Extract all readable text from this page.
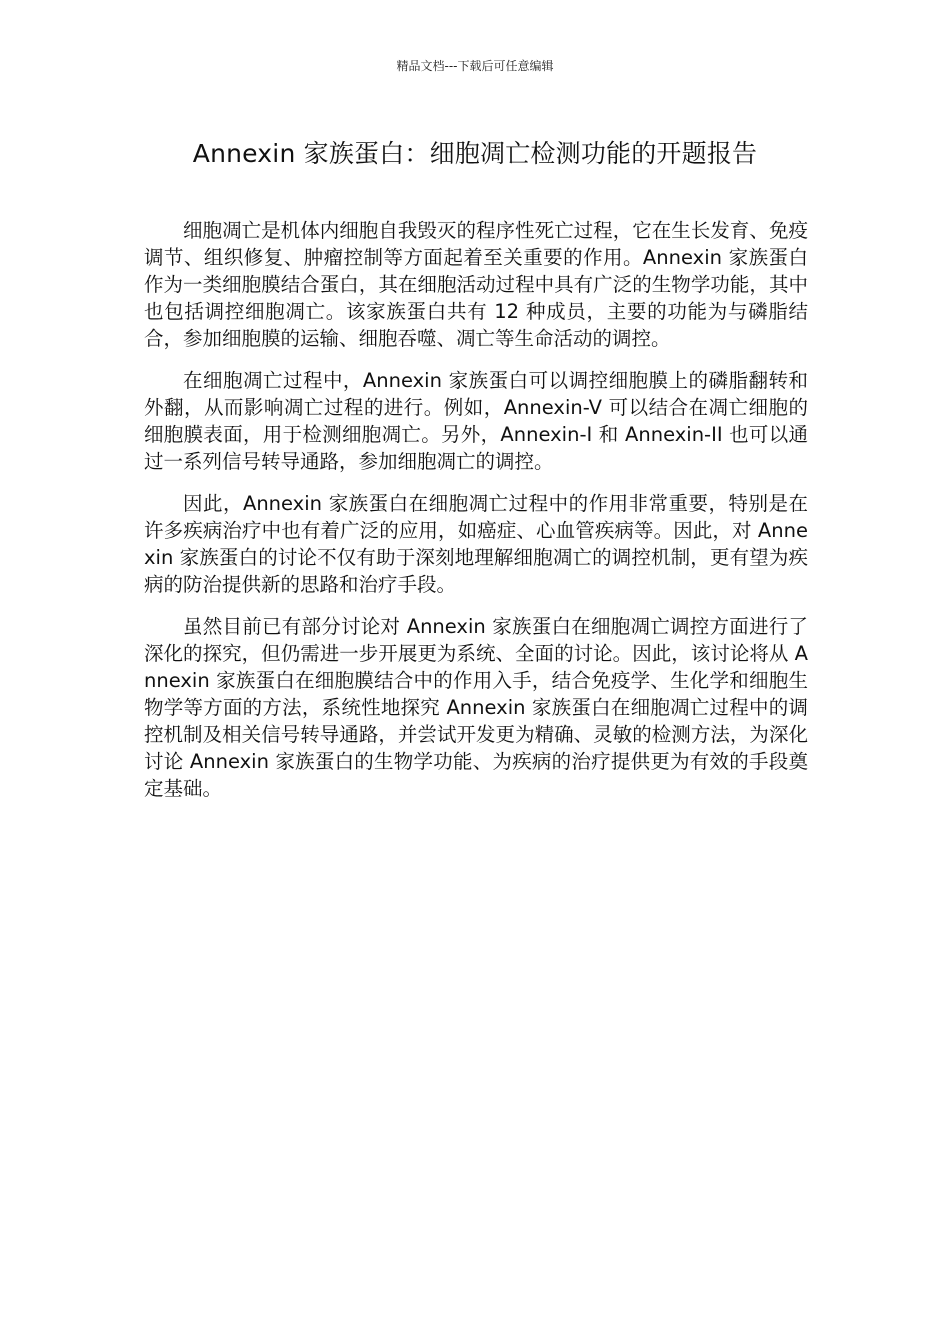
精品文档---下载后可任意编辑
Annexin 家族蛋白：细胞凋亡检测功能的开题报告

细胞凋亡是机体内细胞自我毁灭的程序性死亡过程，它在生长发育、免疫调节、组织修复、肿瘤控制等方面起着至关重要的作用。Annexin 家族蛋白作为一类细胞膜结合蛋白，其在细胞活动过程中具有广泛的生物学功能，其中也包括调控细胞凋亡。该家族蛋白共有 12 种成员，主要的功能为与磷脂结合，参加细胞膜的运输、细胞吞噬、凋亡等生命活动的调控。

在细胞凋亡过程中，Annexin 家族蛋白可以调控细胞膜上的磷脂翻转和外翻，从而影响凋亡过程的进行。例如，Annexin-V 可以结合在凋亡细胞的细胞膜表面，用于检测细胞凋亡。另外，Annexin-I 和 Annexin-II 也可以通过一系列信号转导通路，参加细胞凋亡的调控。

因此，Annexin 家族蛋白在细胞凋亡过程中的作用非常重要，特别是在许多疾病治疗中也有着广泛的应用，如癌症、心血管疾病等。因此，对 Annexin 家族蛋白的讨论不仅有助于深刻地理解细胞凋亡的调控机制，更有望为疾病的防治提供新的思路和治疗手段。

虽然目前已有部分讨论对 Annexin 家族蛋白在细胞凋亡调控方面进行了深化的探究，但仍需进一步开展更为系统、全面的讨论。因此，该讨论将从 Annexin 家族蛋白在细胞膜结合中的作用入手，结合免疫学、生化学和细胞生物学等方面的方法，系统性地探究 Annexin 家族蛋白在细胞凋亡过程中的调控机制及相关信号转导通路，并尝试开发更为精确、灵敏的检测方法，为深化讨论 Annexin 家族蛋白的生物学功能、为疾病的治疗提供更为有效的手段奠定基础。
